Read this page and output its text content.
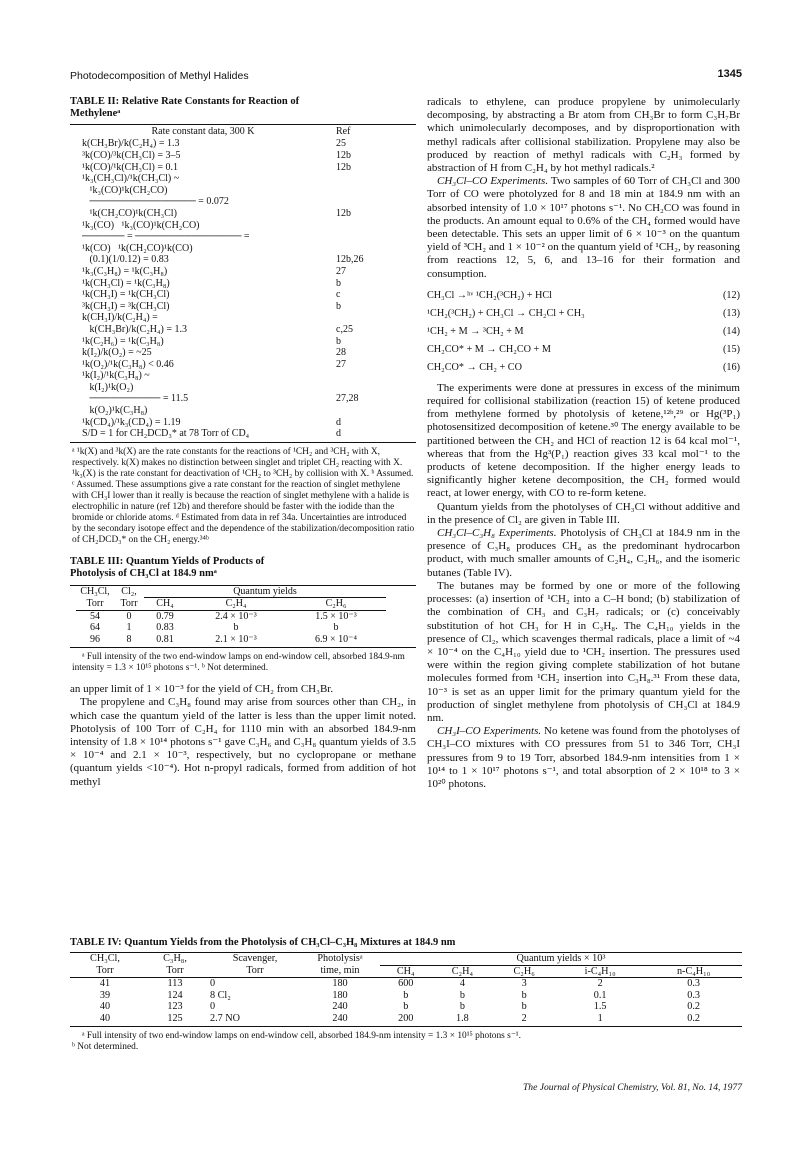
Photodecomposition of Methyl Halides	1345
TABLE II: Relative Rate Constants for Reaction of Methyleneᵃ
Rate constant data, 300 K	Ref
k(CH₃Br)/k(C₂H₄) = 1.3	25
³k(CO)/³k(CH₃Cl) = 3–5	12b
¹k(CO)/¹k(CH₃Cl) = 0.1	12b
¹k₃(CH₃Cl)/¹k(CH₃Cl) ~	
¹k₃(CO)¹k(CH₂CO)	
─────────────── = 0.072	
¹k(CH₂CO)¹k(CH₃Cl)	12b
¹k₃(CO)   ¹k₃(CO)¹k(CH₂CO)	
────── = ─────────────── =	
¹k(CO)   ¹k(CH₂CO)¹k(CO)	
(0.1)(1/0.12) = 0.83	12b,26
¹k₃(C₃H₈) = ¹k(C₃H₈)	27
¹k(CH₃Cl) = ¹k(C₃H₈)	b
¹k(CH₃I) = ¹k(CH₃Cl)	c
³k(CH₃I) = ³k(CH₃Cl)	b
k(CH₃I)/k(C₂H₄) =	
k(CH₃Br)/k(C₂H₄) = 1.3	c,25
¹k(C₂H₆) = ¹k(C₃H₈)	b
k(I₂)/k(O₂) = ~25	28
¹k(O₂)/¹k(C₃H₈) < 0.46	27
¹k(I₂)/¹k(C₃H₈) ~	
k(I₂)¹k(O₂)	
────────── = 11.5	27,28
k(O₂)¹k(C₃H₈)	
¹k(CD₄)/¹k₃(CD₄) = 1.19	d
S/D = 1 for CH₂DCD₃* at 78 Torr of CD₄	d
ᵃ ¹k(X) and ³k(X) are the rate constants for the reactions of ¹CH₂ and ³CH₂ with X, respectively. k(X) makes no distinction between singlet and triplet CH₂ reacting with X. ¹k₃(X) is the rate constant for deactivation of ¹CH₂ to ³CH₂ by collision with X. ᵇ Assumed. ᶜ Assumed. These assumptions give a rate constant for the reaction of singlet methylene with CH₃I lower than it really is because the reaction of singlet methylene with a halide is electrophilic in nature (ref 12b) and therefore should be faster with the iodide than the bromide or chloride atoms. ᵈ Estimated from data in ref 34a. Uncertainties are introduced by the secondary isotope effect and the dependence of the stabilization/decomposition ratio of CH₂DCD₃* on the CH₂ energy.³⁴ᵇ
TABLE III: Quantum Yields of Products of Photolysis of CH₃Cl at 184.9 nmᵃ
CH₃Cl,	Cl₂,	Quantum yields		
Torr	Torr	CH₄	C₂H₄	C₂H₆
54	0	0.79	2.4 × 10⁻³	1.5 × 10⁻³
64	1	0.83	b	b
96	8	0.81	2.1 × 10⁻³	6.9 × 10⁻⁴
ᵃ Full intensity of the two end-window lamps on end-window cell, absorbed 184.9-nm intensity = 1.3 × 10¹⁵ photons s⁻¹. ᵇ Not determined.

an upper limit of 1 × 10⁻³ for the yield of CH₂ from CH₃Br.

The propylene and C₃H₈ found may arise from sources other than CH₂, in which case the quantum yield of the latter is less than the upper limit noted. Photolysis of 100 Torr of C₂H₄ for 1110 min with an absorbed 184.9-nm intensity of 1.8 × 10¹⁴ photons s⁻¹ gave C₃H₆ and C₃H₈ quantum yields of 3.5 × 10⁻⁴ and 2.1 × 10⁻³, respectively, but no cyclopropane or methane (quantum yields <10⁻⁴). Hot n-propyl radicals, formed from addition of hot methyl

radicals to ethylene, can produce propylene by unimolecularly decomposing, by abstracting a Br atom from CH₃Br to form C₃H₇Br which unimolecularly decomposes, and by disproportionation with methyl radicals after collisional stabilization. Propylene may also be produced by reaction of methyl radicals with C₂H₃ formed by abstraction of H from C₂H₄ by hot methyl radicals.²

CH₃Cl–CO Experiments. Two samples of 60 Torr of CH₃Cl and 300 Torr of CO were photolyzed for 8 and 18 min at 184.9 nm with an absorbed intensity of 1.0 × 10¹⁷ photons s⁻¹. No CH₂CO was found in the products. An amount equal to 0.6% of the CH₄ formed would have been detectable. This sets an upper limit of 6 × 10⁻³ on the quantum yield of ³CH₂ and 1 × 10⁻² on the quantum yield of ¹CH₂, by reasoning from reactions 12, 5, 6, and 13–16 for their formation and consumption.

CH₃Cl →ʰᵛ ¹CH₂(³CH₂) + HCl	(12)
¹CH₂(³CH₂) + CH₃Cl → CH₂Cl + CH₃	(13)
¹CH₂ + M → ³CH₂ + M	(14)
CH₂CO* + M → CH₂CO + M	(15)
CH₂CO* → CH₂ + CO	(16)

The experiments were done at pressures in excess of the minimum required for collisional stabilization (reaction 15) of ketene produced from methylene formed by photolysis of ketene,¹²ᵇ,²⁹ or Hg(³P₁) photosensitized decomposition of ketene.³⁰ The energy available to be partitioned between the CH₂ and HCl of reaction 12 is 64 kcal mol⁻¹, whereas that from the Hg³(P₁) reaction gives 33 kcal mol⁻¹ to the products of ketene decomposition. If the higher energy leads to significantly higher ketene decomposition, the CH₂ formed would react, at lower energy, with CO to re-form ketene.

Quantum yields from the photolyses of CH₃Cl without additive and in the presence of Cl₂ are given in Table III.

CH₃Cl–C₃H₈ Experiments. Photolysis of CH₃Cl at 184.9 nm in the presence of C₃H₈ produces CH₄ as the predominant hydrocarbon product, with much smaller amounts of C₂H₄, C₂H₆, and the isomeric butanes (Table IV).

The butanes may be formed by one or more of the following processes: (a) insertion of ¹CH₂ into a C–H bond; (b) stabilization of the combination of CH₃ and C₃H₇ radicals; or (c) conceivably substitution of hot CH₃ for H in C₃H₈. The C₄H₁₀ yields in the presence of Cl₂, which scavenges thermal radicals, place a limit of ~4 × 10⁻⁴ on the C₄H₁₀ yield due to ¹CH₂ insertion. The pressures used were within the region giving complete stabilization of hot butane molecules formed from ¹CH₂ insertion into C₃H₈.³¹ From these data, 10⁻³ is set as an upper limit for the primary quantum yield for the production of singlet methylene from photolysis of CH₃Cl at 184.9 nm.

CH₃I–CO Experiments. No ketene was found from the photolyses of CH₃I–CO mixtures with CO pressures from 51 to 346 Torr, CH₃I pressures from 9 to 19 Torr, absorbed 184.9-nm intensities from 1 × 10¹⁴ to 1 × 10¹⁷ photons s⁻¹, and total absorption of 2 × 10¹⁸ to 3 × 10²⁰ photons.

TABLE IV: Quantum Yields from the Photolysis of CH₃Cl–C₃H₈ Mixtures at 184.9 nm
CH₃Cl,	C₃H₈,	Scavenger,	Photolysisᵃ	Quantum yields × 10³				
Torr	Torr	Torr	time, min	CH₄	C₂H₄	C₂H₆	i-C₄H₁₀	n-C₄H₁₀
41	113	0	180	600	4	3	2	0.3
39	124	8 Cl₂	180	b	b	b	0.1	0.3
40	123	0	240	b	b	b	1.5	0.2
40	125	2.7 NO	240	200	1.8	2	1	0.2
ᵃ Full intensity of two end-window lamps on end-window cell, absorbed 184.9-nm intensity = 1.3 × 10¹⁵ photons s⁻¹.
ᵇ Not determined.
The Journal of Physical Chemistry, Vol. 81, No. 14, 1977
